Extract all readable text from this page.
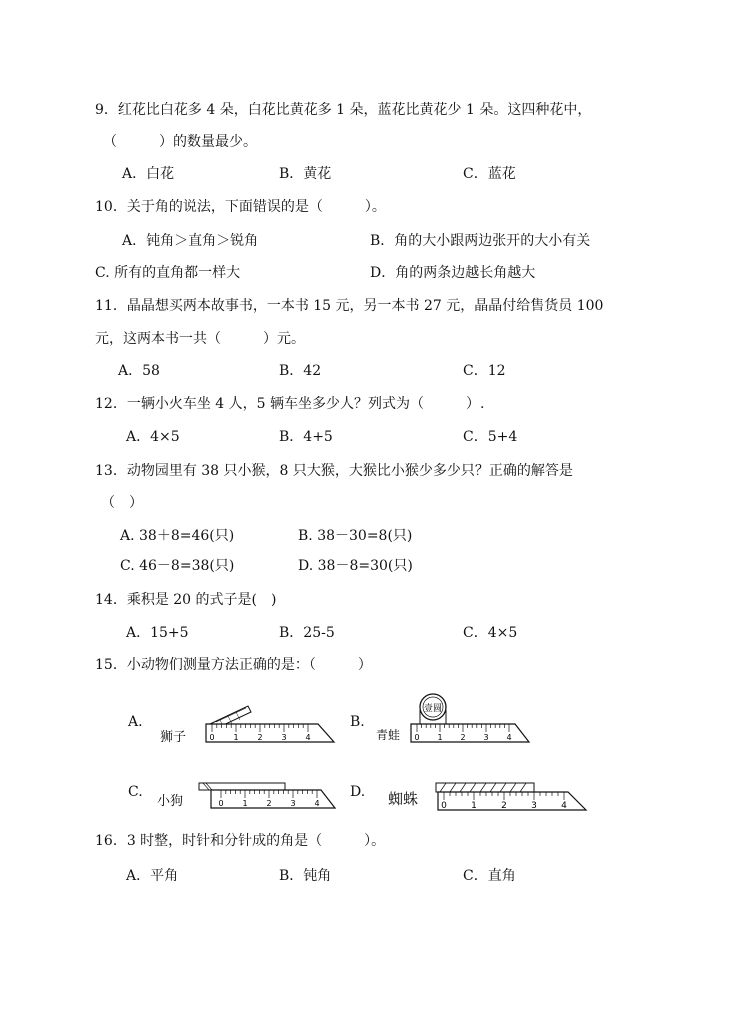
9．红花比白花多 4 朵，白花比黄花多 1 朵，蓝花比黄花少 1 朵。这四种花中，
（　　　）的数量最少。
A．白花	B．黄花	C．蓝花
10．关于角的说法，下面错误的是（　　　）。
A．钝角＞直角＞锐角	B．角的大小跟两边张开的大小有关
C. 所有的直角都一样大	D．角的两条边越长角越大
11．晶晶想买两本故事书，一本书 15 元，另一本书 27 元，晶晶付给售货员 100
元，这两本书一共（　　　）元。
A．58	B．42	C．12
12．一辆小火车坐 4 人，5 辆车坐多少人？列式为（　　　）.
A．4×5	B．4+5	C．5+4
13．动物园里有 38 只小猴，8 只大猴，大猴比小猴少多少只？正确的解答是
（　）
A. 38＋8=46(只)	B. 38－30=8(只)
C. 46－8=38(只)	D. 38－8=30(只)
14．乘积是 20 的式子是(　)
A．15+5	B．25-5	C．4×5
15．小动物们测量方法正确的是：（　　　）
A.
狮子	0 1 2 3 4
B.
青蛙
壹圆
0 1 2 3 4
C.
小狗	0 1 2 3 4
D. 蜘蛛	0	1	2	3	4
16．3 时整，时针和分针成的角是（　　　）。
A．平角	B．钝角	C．直角
